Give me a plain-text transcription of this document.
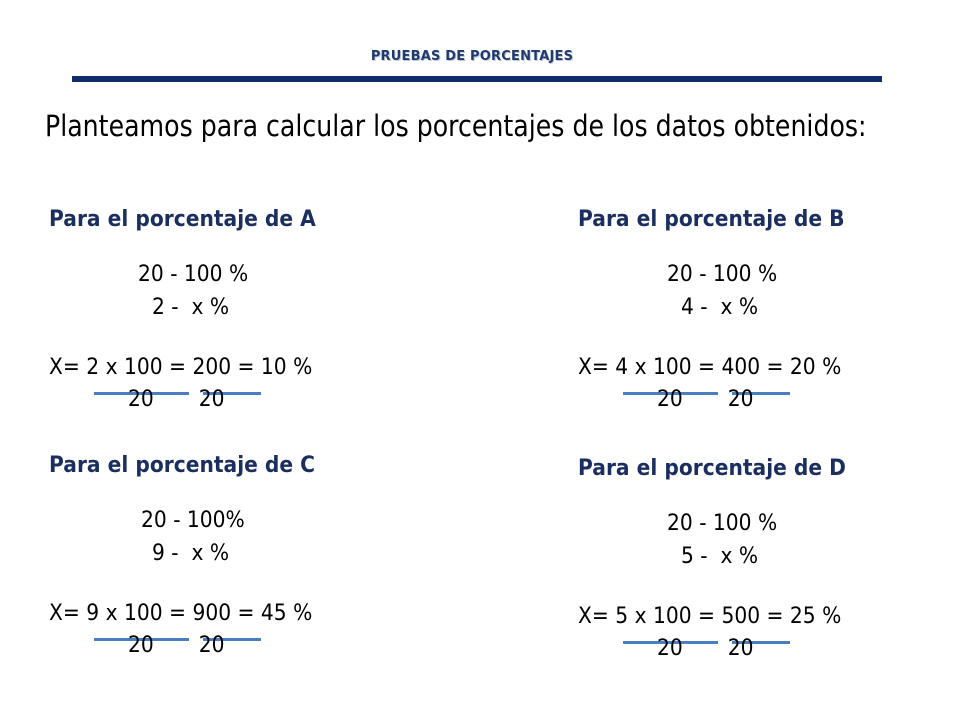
PRUEBAS DE PORCENTAJES
Planteamos para calcular los porcentajes de los datos obtenidos:
Para el porcentaje de A
20 - 100 %
2 -  x %
X= 2 x 100 = 200 = 10 %
20       20
Para el porcentaje de B
20 - 100 %
4 -  x %
X= 4 x 100 = 400 = 20 %
20       20
Para el porcentaje de C
20 - 100%
9 -  x %
X= 9 x 100 = 900 = 45 %
20       20
Para el porcentaje de D
20 - 100 %
5 -  x %
X= 5 x 100 = 500 = 25 %
20       20
